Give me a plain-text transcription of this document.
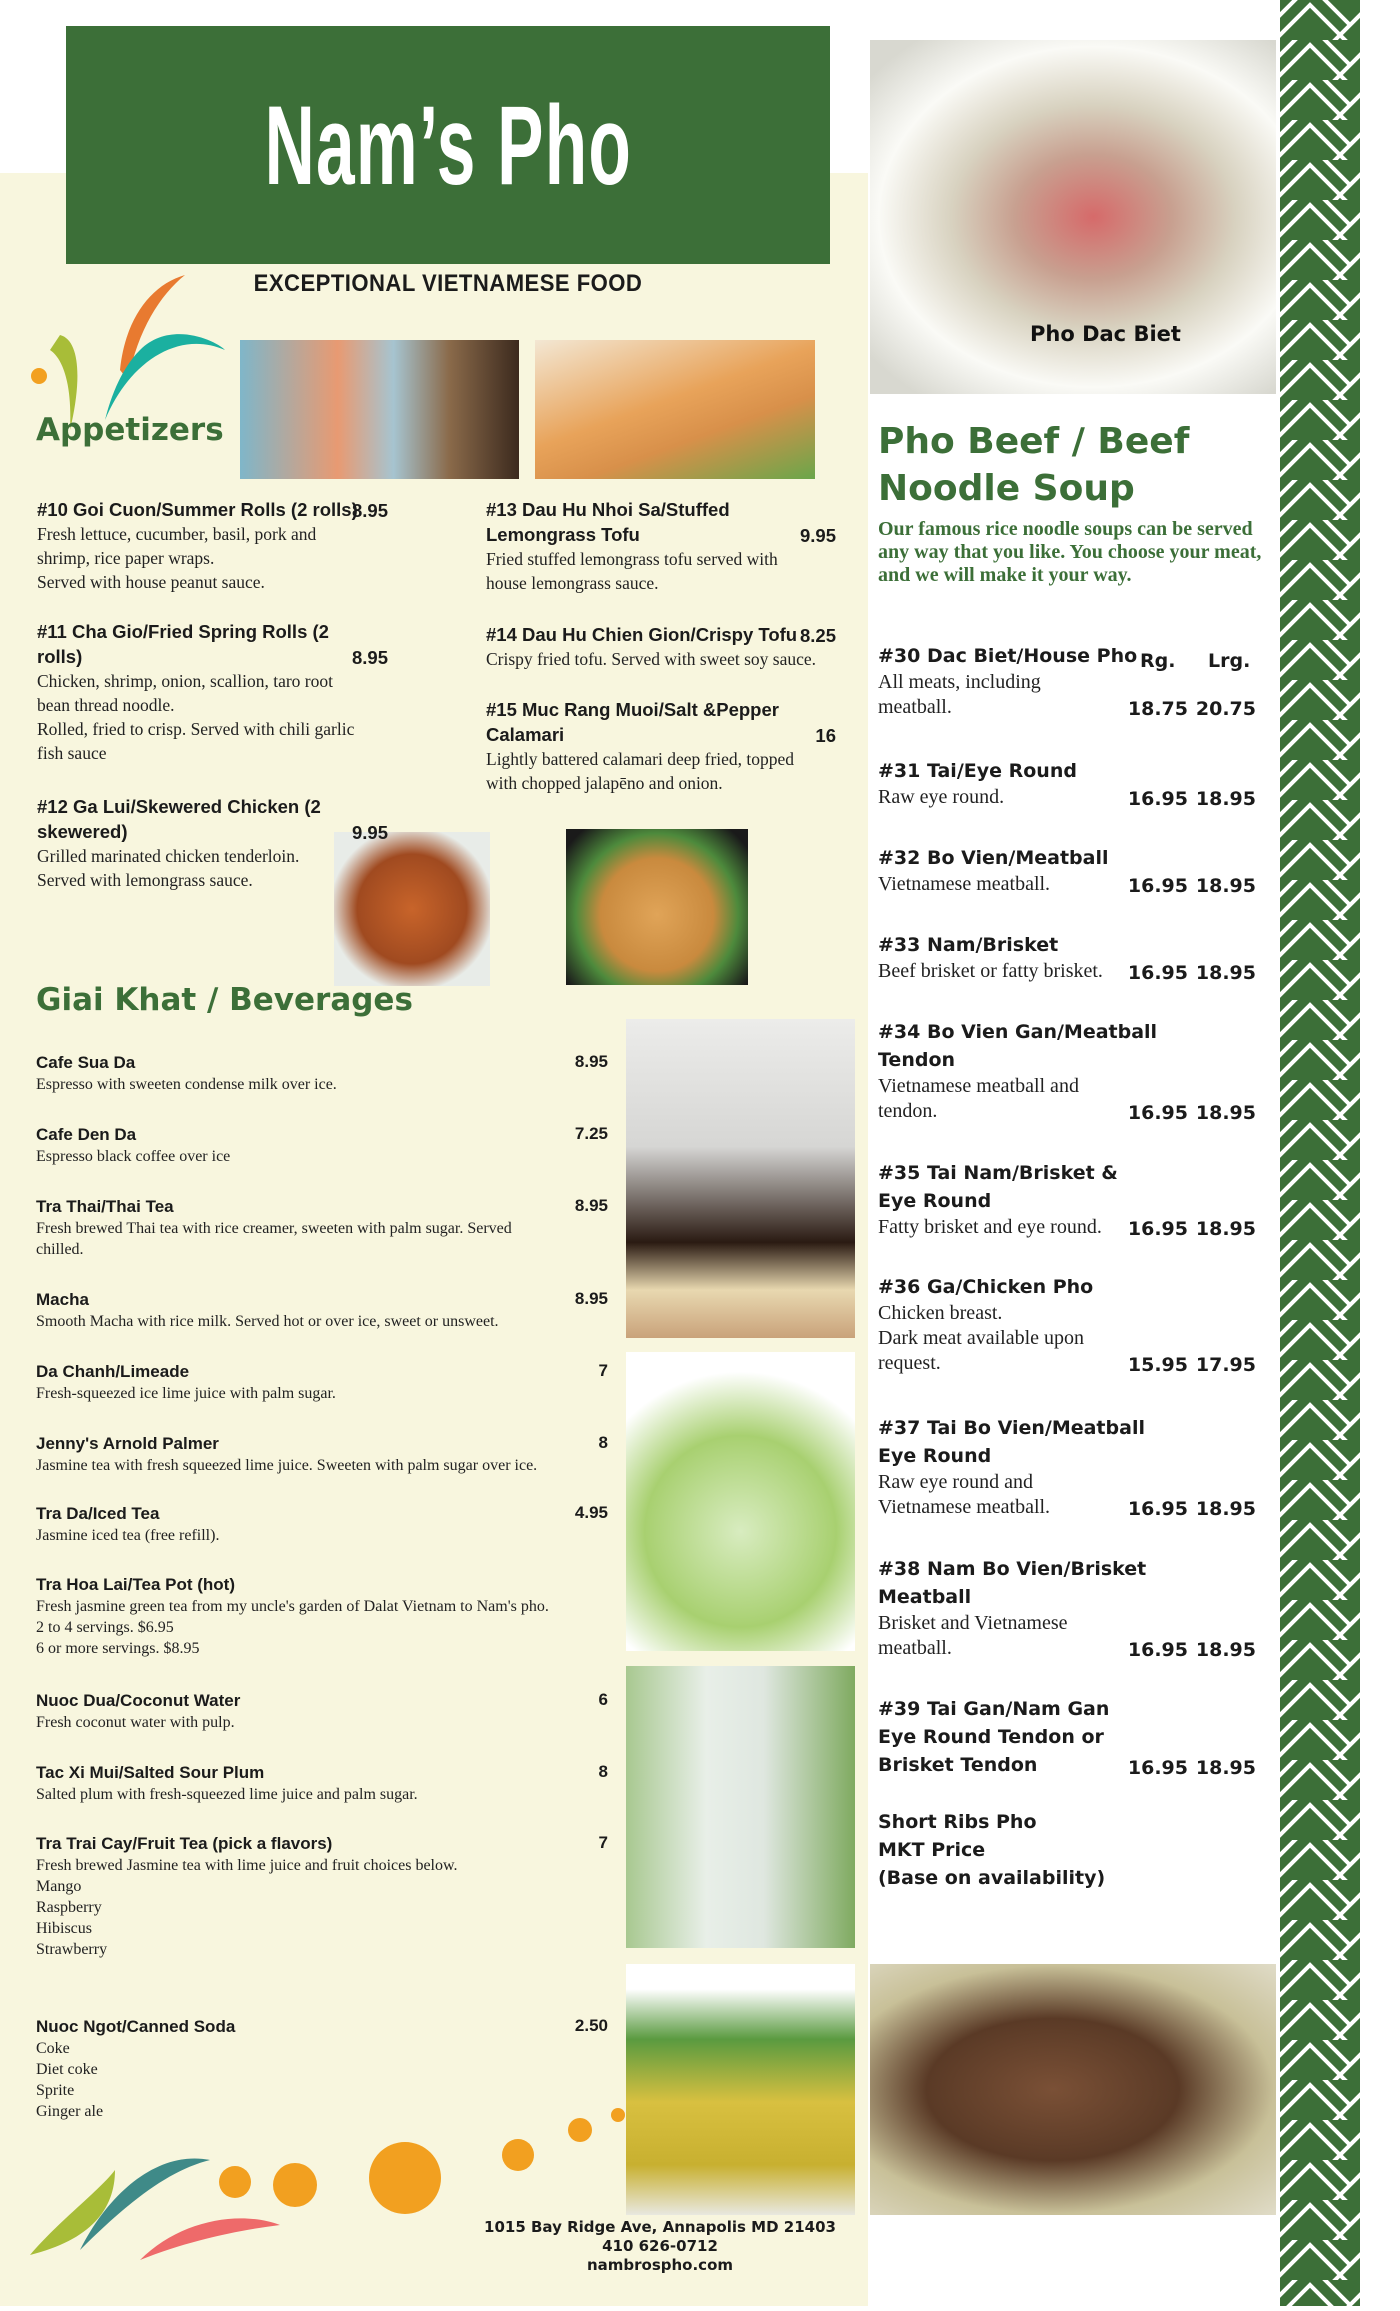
Nam’s Pho
EXCEPTIONAL VIETNAMESE FOOD
Appetizers
Giai Khat / Beverages
Pho Dac Biet
Pho Beef / Beef
Noodle Soup
Our famous rice noodle soups can be served any way that you like. You choose your meat, and we will make it your way.
Rg. Lrg.
1015 Bay Ridge Ave, Annapolis MD 21403
410 626-0712
nambrospho.com
#10 Goi Cuon/Summer Rolls (2 rolls)
8.95
Fresh lettuce, cucumber, basil, pork and
shrimp, rice paper wraps.
Served with house peanut sauce.
#11 Cha Gio/Fried Spring Rolls (2
rolls)	8.95
Chicken, shrimp, onion, scallion, taro root
bean thread noodle.
Rolled, fried to crisp. Served with chili garlic
fish sauce
#12 Ga Lui/Skewered Chicken (2
skewered)	9.95
Grilled marinated chicken tenderloin.
Served with lemongrass sauce.
#13 Dau Hu Nhoi Sa/Stuffed
Lemongrass Tofu	9.95
Fried stuffed lemongrass tofu served with
house lemongrass sauce.
#14 Dau Hu Chien Gion/Crispy Tofu 8.25
Crispy fried tofu. Served with sweet soy sauce.
#15 Muc Rang Muoi/Salt &Pepper
Calamari	16
Lightly battered calamari deep fried, topped
with chopped jalapēno and onion.
Cafe Sua Da	8.95
Espresso with sweeten condense milk over ice.
Cafe Den Da	7.25
Espresso black coffee over ice
Tra Thai/Thai Tea	8.95
Fresh brewed Thai tea with rice creamer, sweeten with palm sugar. Served
chilled.
Macha	8.95
Smooth Macha with rice milk. Served hot or over ice, sweet or unsweet.
Da Chanh/Limeade	7
Fresh-squeezed ice lime juice with palm sugar.
Jenny's Arnold Palmer	8
Jasmine tea with fresh squeezed lime juice. Sweeten with palm sugar over ice.
Tra Da/Iced Tea	4.95
Jasmine iced tea (free refill).
Tra Hoa Lai/Tea Pot (hot)
Fresh jasmine green tea from my uncle's garden of Dalat Vietnam to Nam's pho.
2 to 4 servings. $6.95
6 or more servings. $8.95
Nuoc Dua/Coconut Water	6
Fresh coconut water with pulp.
Tac Xi Mui/Salted Sour Plum	8
Salted plum with fresh-squeezed lime juice and palm sugar.
Tra Trai Cay/Fruit Tea (pick a flavors)	7
Fresh brewed Jasmine tea with lime juice and fruit choices below.
Mango
Raspberry
Hibiscus
Strawberry
Nuoc Ngot/Canned Soda	2.50
Coke
Diet coke
Sprite
Ginger ale
#30 Dac Biet/House Pho
All meats, including
meatball.	18.75 20.75
#31 Tai/Eye Round
Raw eye round.	16.95 18.95
#32 Bo Vien/Meatball
Vietnamese meatball.	16.95 18.95
#33 Nam/Brisket
Beef brisket or fatty brisket.	16.95 18.95
#34 Bo Vien Gan/Meatball
Tendon
Vietnamese meatball and
tendon.	16.95 18.95
#35 Tai Nam/Brisket &
Eye Round
Fatty brisket and eye round.	16.95 18.95
#36 Ga/Chicken Pho
Chicken breast.
Dark meat available upon
request.	15.95 17.95
#37 Tai Bo Vien/Meatball
Eye Round
Raw eye round and
Vietnamese meatball.	16.95 18.95
#38 Nam Bo Vien/Brisket
Meatball
Brisket and Vietnamese
meatball.	16.95 18.95
#39 Tai Gan/Nam Gan
Eye Round Tendon or
Brisket Tendon	16.95 18.95
Short Ribs Pho
MKT Price
(Base on availability)
